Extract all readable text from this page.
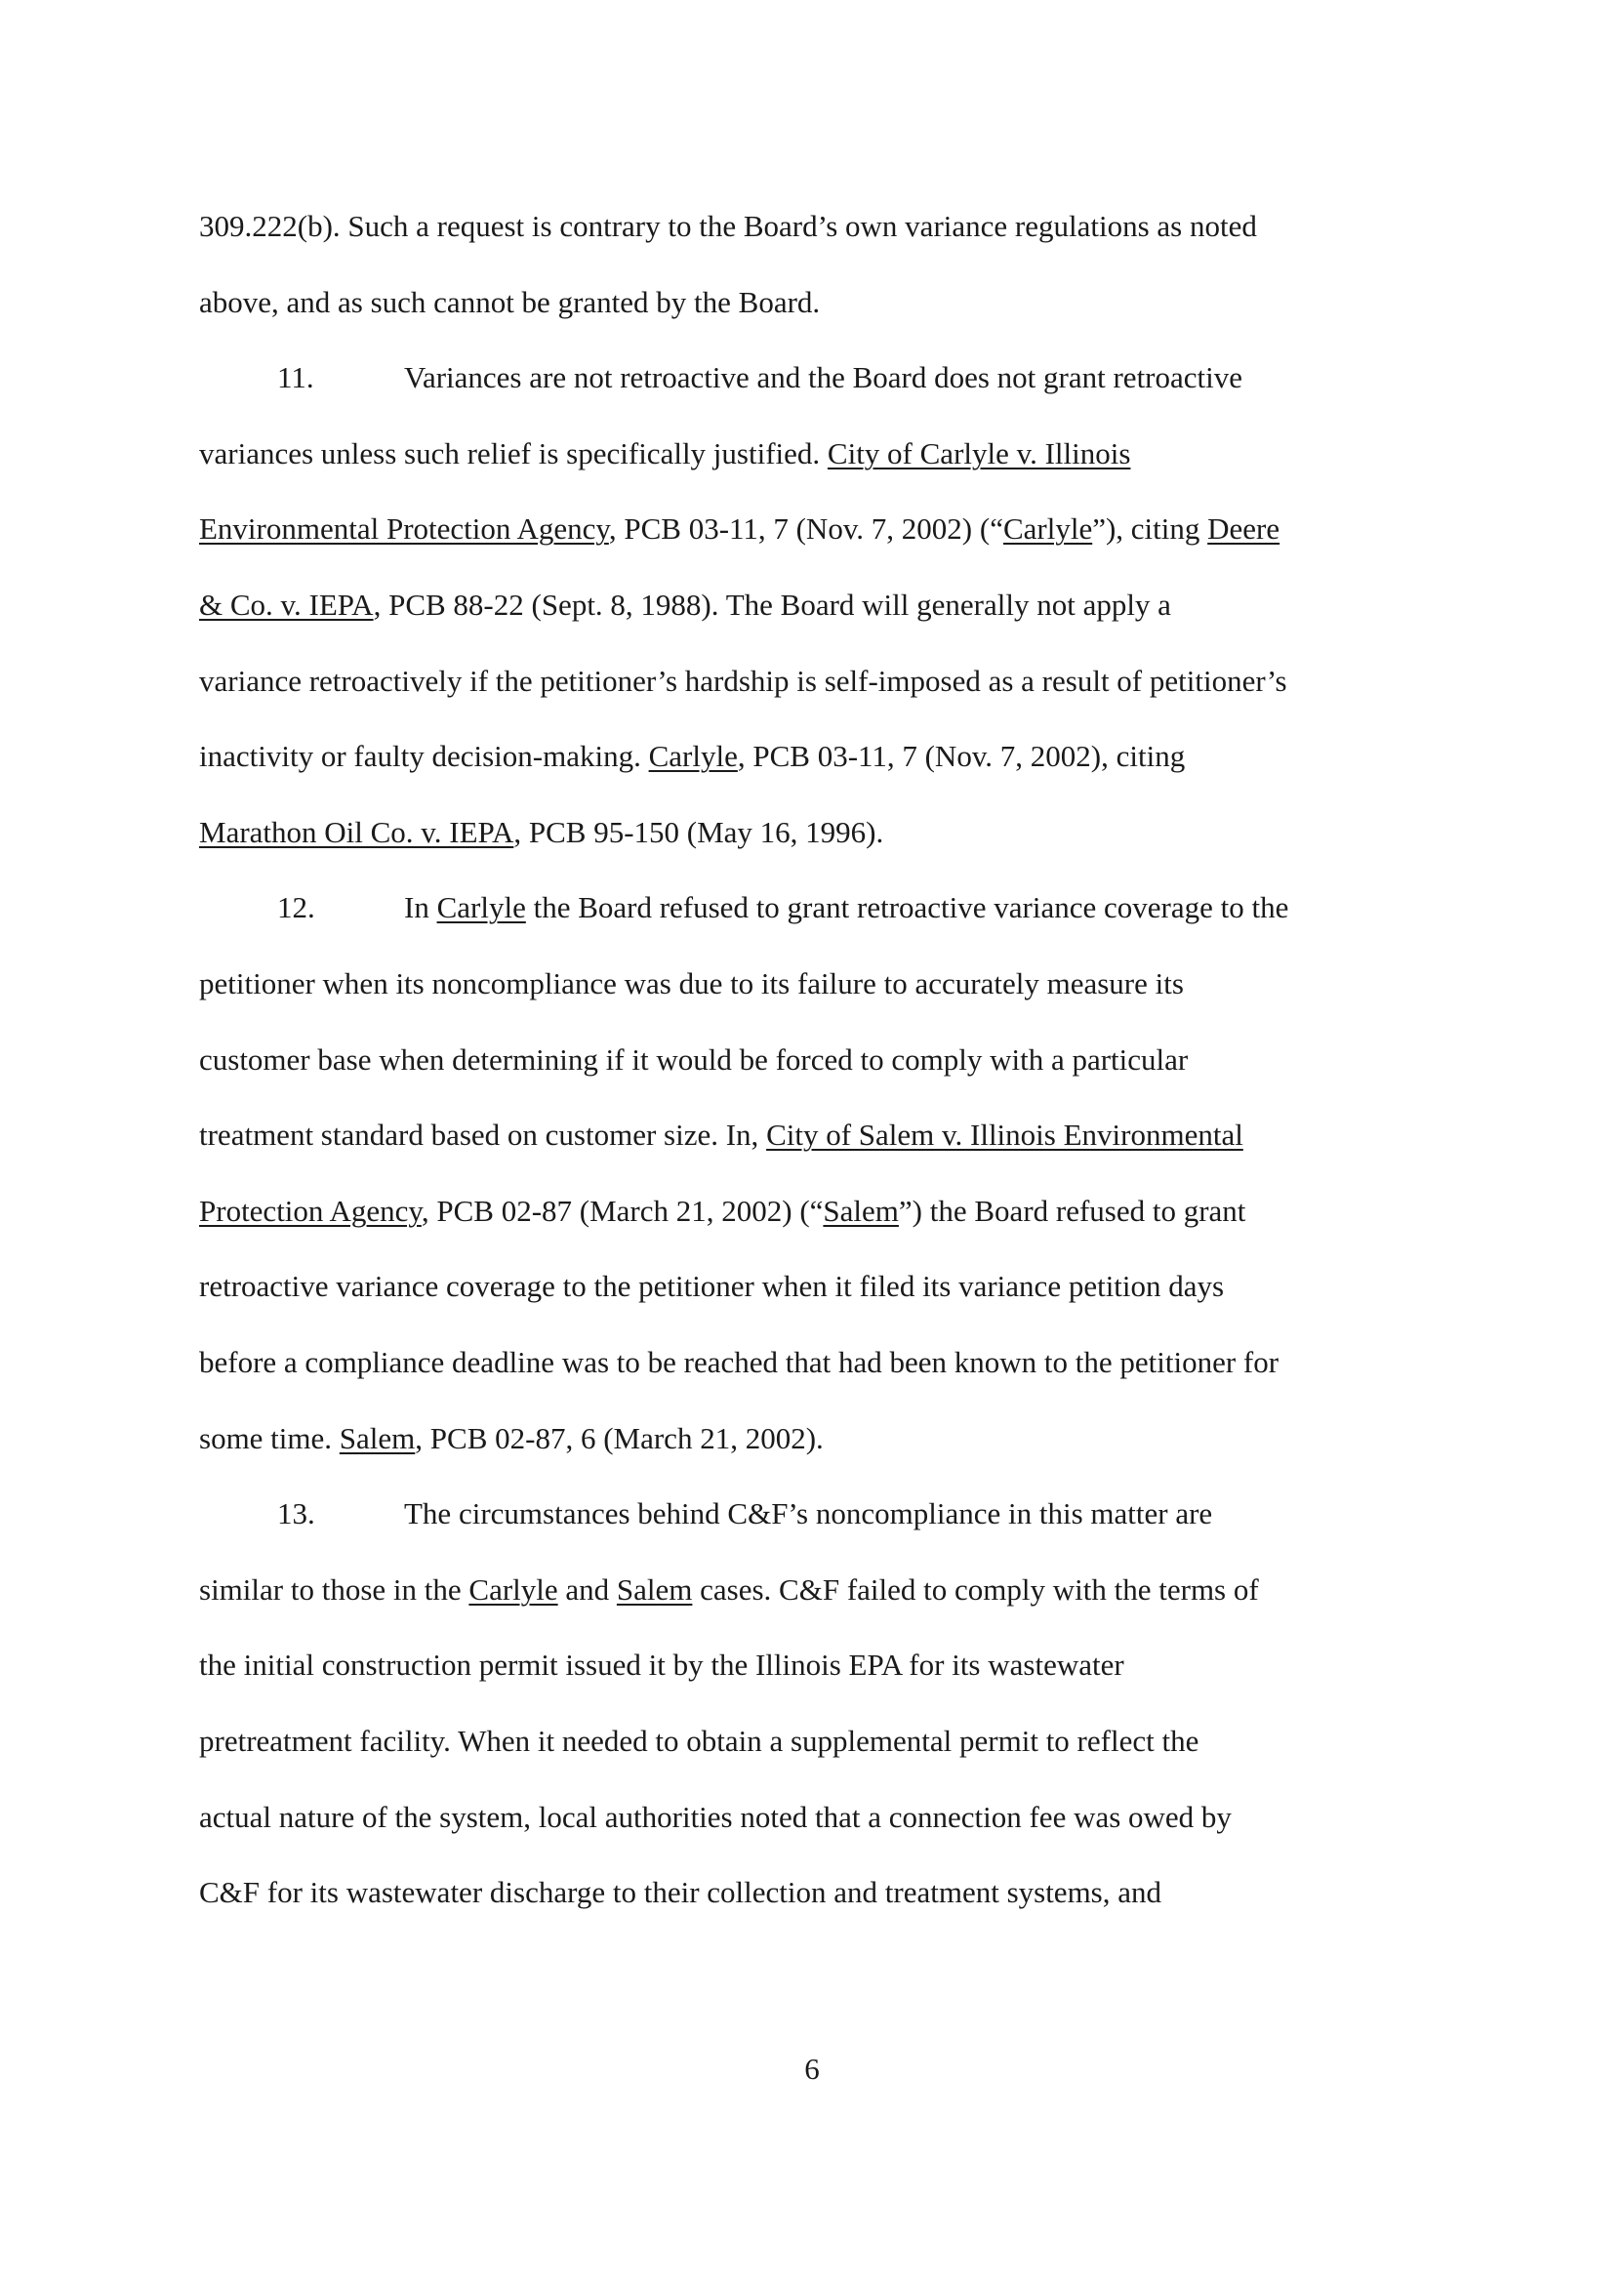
309.222(b). Such a request is contrary to the Board’s own variance regulations as noted
above, and as such cannot be granted by the Board.
11.	Variances are not retroactive and the Board does not grant retroactive
variances unless such relief is specifically justified. City of Carlyle v. Illinois
Environmental Protection Agency, PCB 03-11, 7 (Nov. 7, 2002) (“Carlyle”), citing Deere
& Co. v. IEPA, PCB 88-22 (Sept. 8, 1988). The Board will generally not apply a
variance retroactively if the petitioner’s hardship is self-imposed as a result of petitioner’s
inactivity or faulty decision-making. Carlyle, PCB 03-11, 7 (Nov. 7, 2002), citing
Marathon Oil Co. v. IEPA, PCB 95-150 (May 16, 1996).
12.	In Carlyle the Board refused to grant retroactive variance coverage to the
petitioner when its noncompliance was due to its failure to accurately measure its
customer base when determining if it would be forced to comply with a particular
treatment standard based on customer size. In, City of Salem v. Illinois Environmental
Protection Agency, PCB 02-87 (March 21, 2002) (“Salem”) the Board refused to grant
retroactive variance coverage to the petitioner when it filed its variance petition days
before a compliance deadline was to be reached that had been known to the petitioner for
some time. Salem, PCB 02-87, 6 (March 21, 2002).
13.	The circumstances behind C&F’s noncompliance in this matter are
similar to those in the Carlyle and Salem cases. C&F failed to comply with the terms of
the initial construction permit issued it by the Illinois EPA for its wastewater
pretreatment facility. When it needed to obtain a supplemental permit to reflect the
actual nature of the system, local authorities noted that a connection fee was owed by
C&F for its wastewater discharge to their collection and treatment systems, and
6
